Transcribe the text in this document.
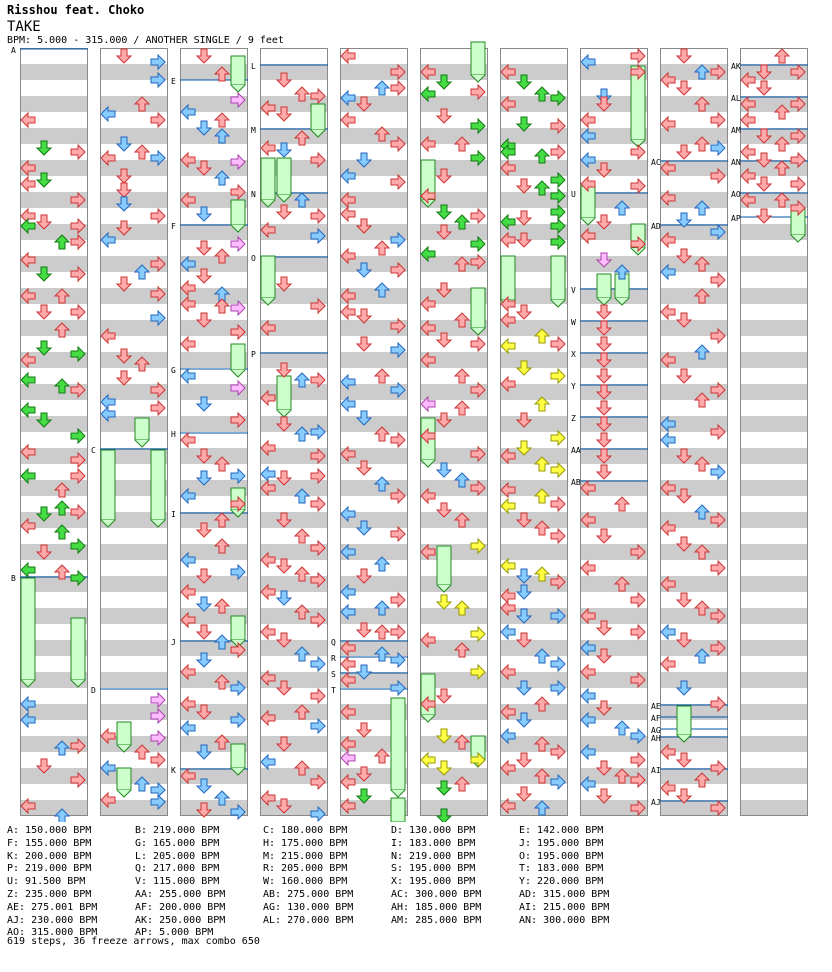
Risshou feat. Choko
TAKE
BPM: 5.000 - 315.000 / ANOTHER SINGLE / 9 feet
A
B
C
D
E
F
G
H
I
J
K
L
M
N
O
P
Q
R
S
T
U
V
W
X
Y
Z
AA
AB
AC
AD
AE
AF
AG
AH
AI
AJ
AK
AL
AM
AN
AO
AP
A: 150.000 BPM	B: 219.000 BPM	C: 180.000 BPM	D: 130.000 BPM	E: 142.000 BPM
F: 155.000 BPM	G: 165.000 BPM	H: 175.000 BPM	I: 183.000 BPM	J: 195.000 BPM
K: 200.000 BPM	L: 205.000 BPM	M: 215.000 BPM	N: 219.000 BPM	O: 195.000 BPM
P: 219.000 BPM	Q: 217.000 BPM	R: 205.000 BPM	S: 195.000 BPM	T: 183.000 BPM
U: 91.500 BPM	V: 115.000 BPM	W: 160.000 BPM	X: 195.000 BPM	Y: 220.000 BPM
Z: 235.000 BPM	AA: 255.000 BPM	AB: 275.000 BPM	AC: 300.000 BPM	AD: 315.000 BPM
AE: 275.001 BPM	AF: 200.000 BPM	AG: 130.000 BPM	AH: 185.000 BPM	AI: 215.000 BPM
AJ: 230.000 BPM	AK: 250.000 BPM	AL: 270.000 BPM	AM: 285.000 BPM	AN: 300.000 BPM
AO: 315.000 BPM	AP: 5.000 BPM
619 steps, 36 freeze arrows, max combo 650
